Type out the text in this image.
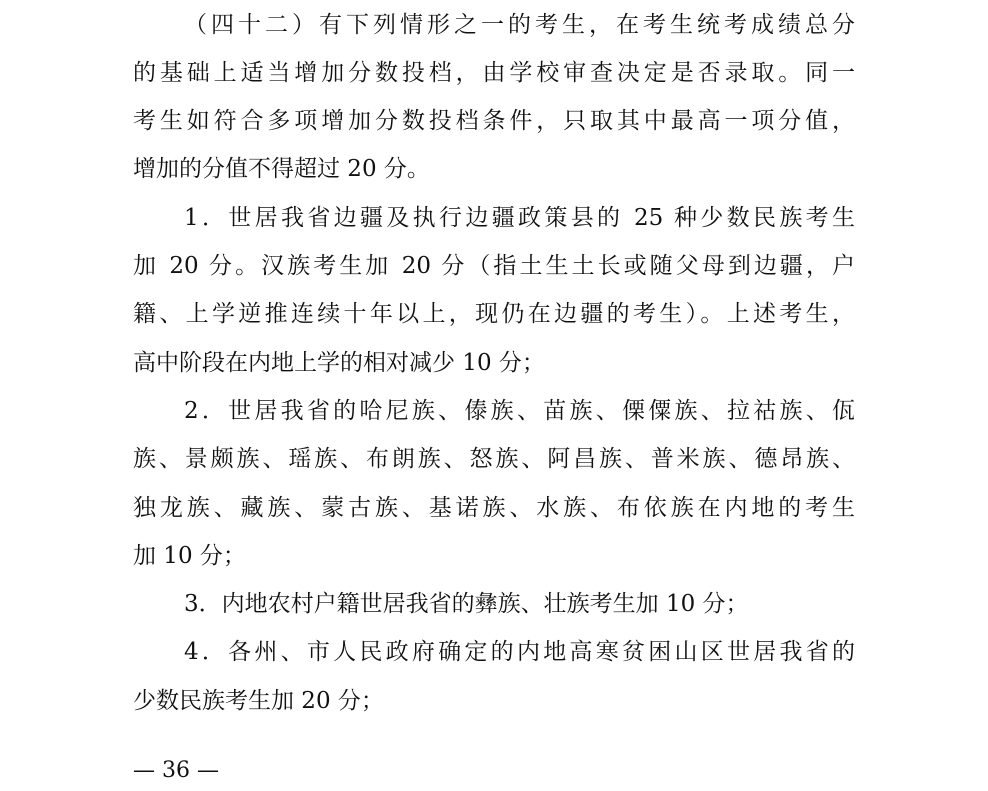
（四十二）有下列情形之一的考生，在考生统考成绩总分
的基础上适当增加分数投档，由学校审查决定是否录取。同一
考生如符合多项增加分数投档条件，只取其中最高一项分值，
增加的分值不得超过 20 分。
1．世居我省边疆及执行边疆政策县的 25 种少数民族考生
加 20 分。汉族考生加 20 分（指土生土长或随父母到边疆，户
籍、上学逆推连续十年以上，现仍在边疆的考生）。上述考生，
高中阶段在内地上学的相对减少 10 分；
2．世居我省的哈尼族、傣族、苗族、傈僳族、拉祜族、佤
族、景颇族、瑶族、布朗族、怒族、阿昌族、普米族、德昂族、
独龙族、藏族、蒙古族、基诺族、水族、布依族在内地的考生
加 10 分；
3．内地农村户籍世居我省的彝族、壮族考生加 10 分；
4．各州、市人民政府确定的内地高寒贫困山区世居我省的
少数民族考生加 20 分；
— 36 —
